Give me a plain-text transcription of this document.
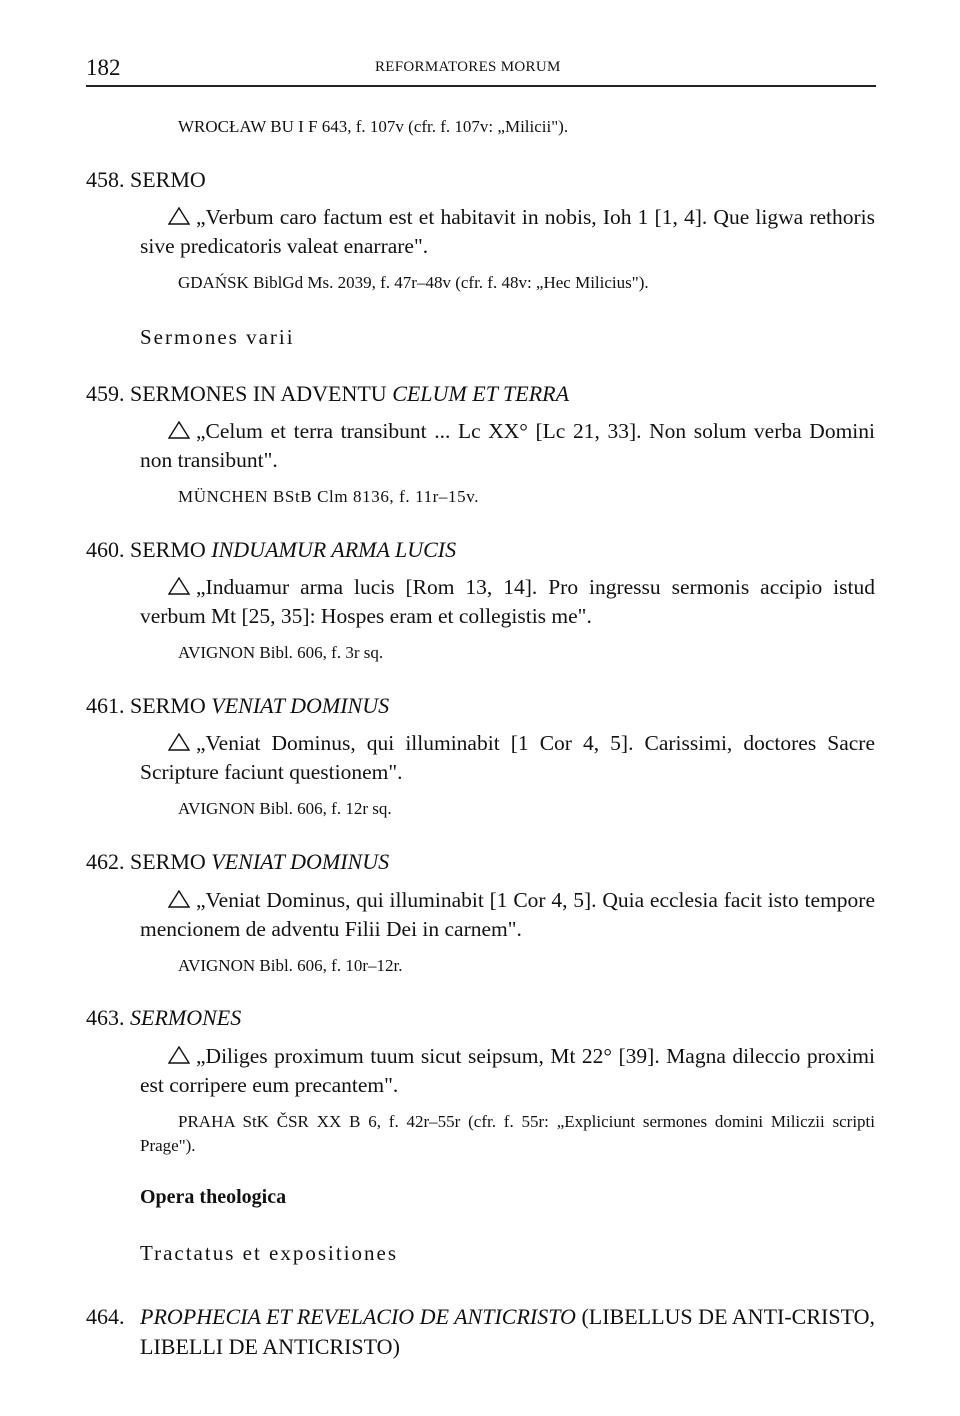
182	REFORMATORES MORUM
WROCŁAW BU I F 643, f. 107v (cfr. f. 107v: „Milicii").
458. SERMO
„Verbum caro factum est et habitavit in nobis, Ioh 1 [1, 4]. Que ligwa rethoris sive predicatoris valeat enarrare".
GDAŃSK BiblGd Ms. 2039, f. 47r–48v (cfr. f. 48v: „Hec Milicius").
Sermones varii
459. SERMONES IN ADVENTU CELUM ET TERRA
„Celum et terra transibunt ... Lc XX° [Lc 21, 33]. Non solum verba Domini non transibunt".
MÜNCHEN BStB Clm 8136, f. 11r–15v.
460. SERMO INDUAMUR ARMA LUCIS
„Induamur arma lucis [Rom 13, 14]. Pro ingressu sermonis accipio istud verbum Mt [25, 35]: Hospes eram et collegistis me".
AVIGNON Bibl. 606, f. 3r sq.
461. SERMO VENIAT DOMINUS
„Veniat Dominus, qui illuminabit [1 Cor 4, 5]. Carissimi, doctores Sacre Scripture faciunt questionem".
AVIGNON Bibl. 606, f. 12r sq.
462. SERMO VENIAT DOMINUS
„Veniat Dominus, qui illuminabit [1 Cor 4, 5]. Quia ecclesia facit isto tempore mencionem de adventu Filii Dei in carnem".
AVIGNON Bibl. 606, f. 10r–12r.
463. SERMONES
„Diliges proximum tuum sicut seipsum, Mt 22° [39]. Magna dileccio proximi est corripere eum precantem".
PRAHA StK ČSR XX B 6, f. 42r–55r (cfr. f. 55r: „Expliciunt sermones domini Miliczii scripti Prage").
Opera theologica
Tractatus et expositiones
464. PROPHECIA ET REVELACIO DE ANTICRISTO (LIBELLUS DE ANTI-CRISTO, LIBELLI DE ANTICRISTO)
